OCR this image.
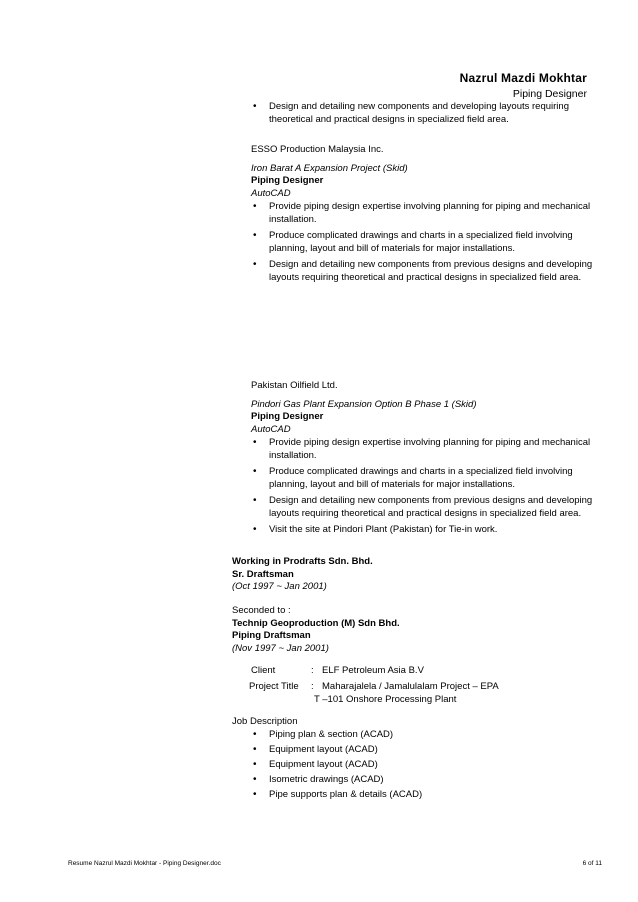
Nazrul Mazdi Mokhtar
Piping Designer
• Design and detailing new components and developing layouts requiring theoretical and practical designs in specialized field area.
ESSO Production Malaysia Inc.
Iron Barat A Expansion Project (Skid)
Piping Designer
AutoCAD
• Provide piping design expertise involving planning for piping and mechanical installation.
• Produce complicated drawings and charts in a specialized field involving planning, layout and bill of materials for major installations.
• Design and detailing new components from previous designs and developing layouts requiring theoretical and practical designs in specialized field area.
Pakistan Oilfield Ltd.
Pindori Gas Plant Expansion Option B Phase 1 (Skid)
Piping Designer
AutoCAD
• Provide piping design expertise involving planning for piping and mechanical installation.
• Produce complicated drawings and charts in a specialized field involving planning, layout and bill of materials for major installations.
• Design and detailing new components from previous designs and developing layouts requiring theoretical and practical designs in specialized field area.
• Visit the site at Pindori Plant (Pakistan) for Tie-in work.
Working in Prodrafts Sdn. Bhd.
Sr. Draftsman
(Oct 1997 ~ Jan 2001)
Seconded to :
Technip Geoproduction (M) Sdn Bhd.
Piping Draftsman
(Nov 1997 ~ Jan 2001)
Client	: ELF Petroleum Asia B.V
Project Title : Maharajalela / Jamalulalam Project – EPA
T –101 Onshore Processing Plant
Job Description
• Piping plan & section (ACAD)
• Equipment layout (ACAD)
• Equipment layout (ACAD)
• Isometric drawings (ACAD)
• Pipe supports plan & details (ACAD)
Resume Nazrul Mazdi Mokhtar - Piping Designer.doc	6 of 11
